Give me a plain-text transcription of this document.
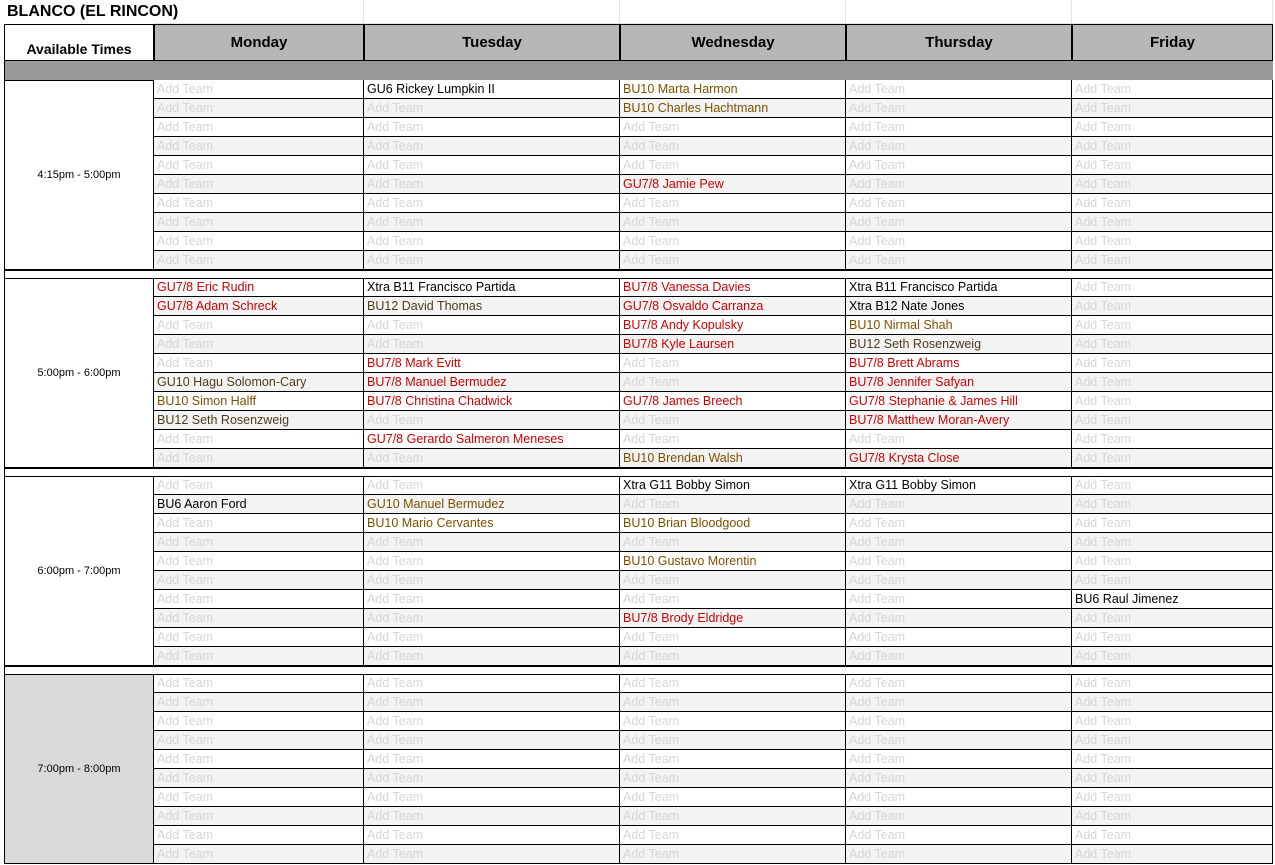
BLANCO (EL RINCON)
Available Times	Monday	Tuesday	Wednesday	Thursday	Friday
4:15pm - 5:00pm
Add Team	GU6 Rickey Lumpkin II	BU10 Marta Harmon	Add Team	Add Team
Add Team	Add Team	BU10 Charles Hachtmann	Add Team	Add Team
Add Team	Add Team	Add Team	Add Team	Add Team
Add Team	Add Team	Add Team	Add Team	Add Team
Add Team	Add Team	Add Team	Add Team	Add Team
Add Team	Add Team	GU7/8 Jamie Pew	Add Team	Add Team
Add Team	Add Team	Add Team	Add Team	Add Team
Add Team	Add Team	Add Team	Add Team	Add Team
Add Team	Add Team	Add Team	Add Team	Add Team
Add Team	Add Team	Add Team	Add Team	Add Team
5:00pm - 6:00pm
GU7/8 Eric Rudin	Xtra B11 Francisco Partida	BU7/8 Vanessa Davies	Xtra B11 Francisco Partida	Add Team
GU7/8 Adam Schreck	BU12 David Thomas	GU7/8 Osvaldo Carranza	Xtra B12 Nate Jones	Add Team
Add Team	Add Team	BU7/8 Andy Kopulsky	BU10 Nirmal Shah	Add Team
Add Team	Add Team	BU7/8 Kyle Laursen	BU12 Seth Rosenzweig	Add Team
Add Team	BU7/8 Mark Evitt	Add Team	BU7/8 Brett Abrams	Add Team
GU10 Hagu Solomon-Cary	BU7/8 Manuel Bermudez	Add Team	BU7/8 Jennifer Safyan	Add Team
BU10 Simon Halff	BU7/8 Christina Chadwick	GU7/8 James Breech	GU7/8 Stephanie & James Hill	Add Team
BU12 Seth Rosenzweig	Add Team	Add Team	BU7/8 Matthew Moran-Avery	Add Team
Add Team	GU7/8 Gerardo Salmeron Meneses	Add Team	Add Team	Add Team
Add Team	Add Team	BU10 Brendan Walsh	GU7/8 Krysta Close	Add Team
6:00pm - 7:00pm
Add Team	Add Team	Xtra G11 Bobby Simon	Xtra G11 Bobby Simon	Add Team
BU6 Aaron Ford	GU10 Manuel Bermudez	Add Team	Add Team	Add Team
Add Team	BU10 Mario Cervantes	BU10 Brian Bloodgood	Add Team	Add Team
Add Team	Add Team	Add Team	Add Team	Add Team
Add Team	Add Team	BU10 Gustavo Morentin	Add Team	Add Team
Add Team	Add Team	Add Team	Add Team	Add Team
Add Team	Add Team	Add Team	Add Team	BU6 Raul Jimenez
Add Team	Add Team	BU7/8 Brody Eldridge	Add Team	Add Team
Add Team	Add Team	Add Team	Add Team	Add Team
Add Team	Add Team	Add Team	Add Team	Add Team
7:00pm - 8:00pm
Add Team	Add Team	Add Team	Add Team	Add Team
Add Team	Add Team	Add Team	Add Team	Add Team
Add Team	Add Team	Add Team	Add Team	Add Team
Add Team	Add Team	Add Team	Add Team	Add Team
Add Team	Add Team	Add Team	Add Team	Add Team
Add Team	Add Team	Add Team	Add Team	Add Team
Add Team	Add Team	Add Team	Add Team	Add Team
Add Team	Add Team	Add Team	Add Team	Add Team
Add Team	Add Team	Add Team	Add Team	Add Team
Add Team	Add Team	Add Team	Add Team	Add Team
